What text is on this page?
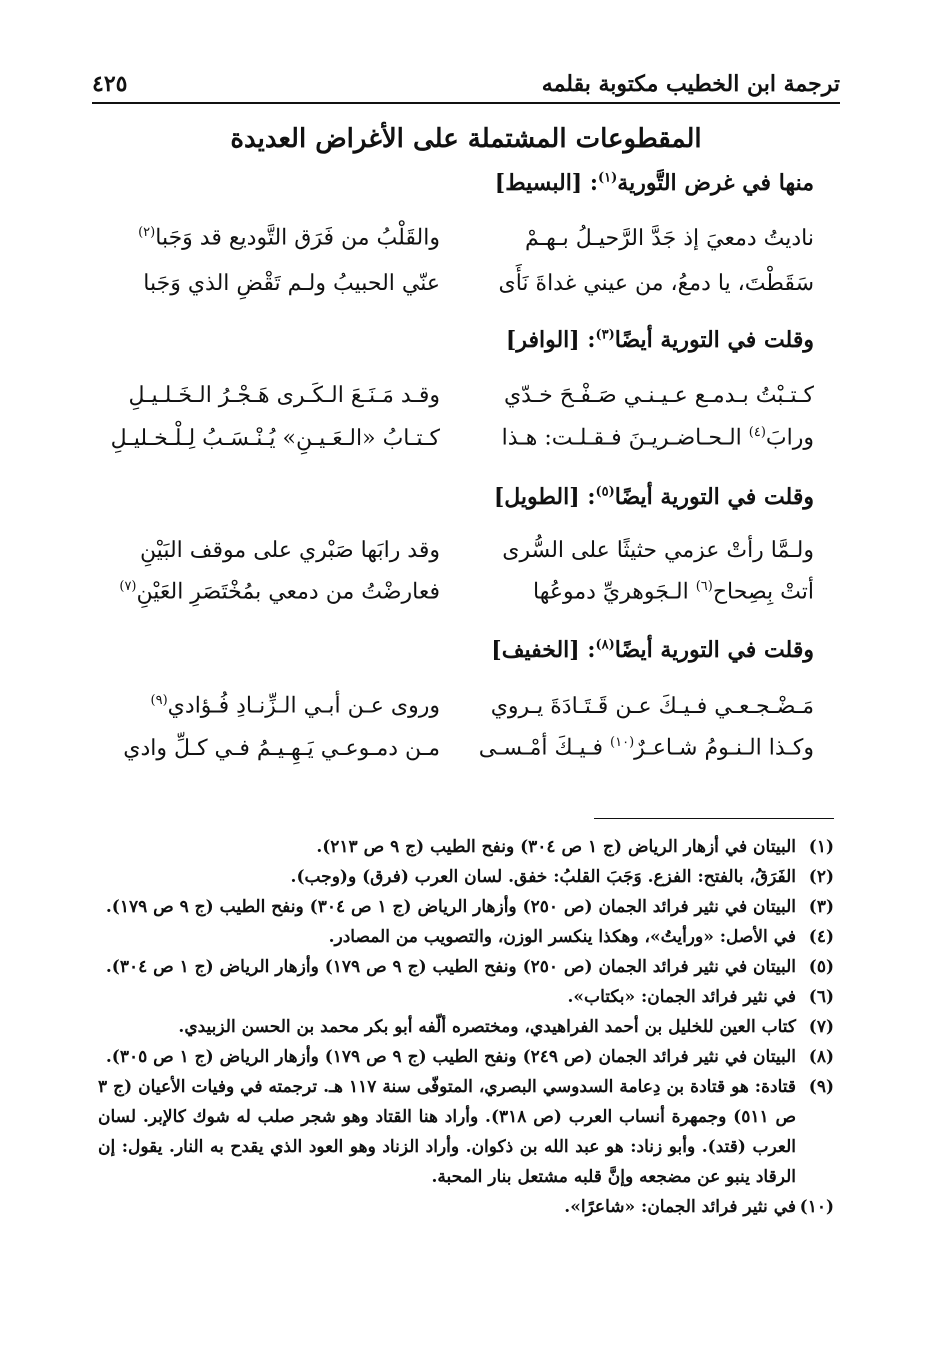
ترجمة ابن الخطيب مكتوبة بقلمه
٤٢٥
المقطوعات المشتملة على الأغراض العديدة
منها في غرض التَّورية$^{(١)}$: [البسيط]
ناديتُ دمعيَ إذ جَدَّ الرَّحيـلُ بـهـمْ
والقَلْبُ من فَرَق التَّوديع قد وَجَبا$^{(٢)}$
سَقَطْتَ، يا دمعُ، من عيني غداةَ نَأَى
عنّي الحبيبُ ولـم تَقْضِ الذي وَجَبا
وقلت في التورية أيضًا$^{(٣)}$: [الوافر]
كـتـبْتُ بـدمـع عـيـنـي صَـفْـحَ خـدّي
وقـد مَـنَـعَ الـكَـرى هَـجْـرُ الـخَـلـيـلِ
ورابَ$^{(٤)}$ الـحـاضـريـنَ فـقـلـت: هـذا
كـتـابُ «الـعَـيـنِ» يُـنْـسَـبُ لِـلْـخـليـلِ
وقلت في التورية أيضًا$^{(٥)}$: [الطويل]
ولـمَّا رأتْ عزمي حثيثًا على السُّرى
وقد رابَها صَبْري على موقف البَيْنِ
أتتْ بِصِحاح$^{(٦)}$ الـجَوهريِّ دموعُها
فعارضْتُ من دمعي بمُخْتَصَرِ العَيْنِ$^{(٧)}$
وقلت في التورية أيضًا$^{(٨)}$: [الخفيف]
مَـضْـجـعـي فـيـكَ عـن قَـتَـادَةَ يـروي
وروى عـن أبـي الـزِّنـادِ فُـؤادي$^{(٩)}$
وكـذا الـنـومُ شـاعـرٌ$^{(١٠)}$ فـيـكَ أمْـسـى
مـن دمـوعـي يَـهِـيـمُ فـي كـلِّ وادي
(١)
البيتان في أزهار الرياض (ج ١ ص ٣٠٤) ونفح الطيب (ج ٩ ص ٢١٣).
(٢)
الفَرَقُ، بالفتح: الفزع. وَجَبَ القلبُ: خفق. لسان العرب (فرق) و(وجب).
(٣)
البيتان في نثير فرائد الجمان (ص ٢٥٠) وأزهار الرياض (ج ١ ص ٣٠٤) ونفح الطيب (ج ٩ ص ١٧٩).
(٤)
في الأصل: «ورأيتُ»، وهكذا ينكسر الوزن، والتصويب من المصادر.
(٥)
البيتان في نثير فرائد الجمان (ص ٢٥٠) ونفح الطيب (ج ٩ ص ١٧٩) وأزهار الرياض (ج ١ ص ٣٠٤).
(٦)
في نثير فرائد الجمان: «بكتاب».
(٧)
كتاب العين للخليل بن أحمد الفراهيدي، ومختصره ألّفه أبو بكر محمد بن الحسن الزبيدي.
(٨)
البيتان في نثير فرائد الجمان (ص ٢٤٩) ونفح الطيب (ج ٩ ص ١٧٩) وأزهار الرياض (ج ١ ص ٣٠٥).
(٩)
قتادة: هو قتادة بن دِعامة السدوسي البصري، المتوفّى سنة ١١٧ هـ. ترجمته في وفيات الأعيان (ج ٣ ص ٥١١) وجمهرة أنساب العرب (ص ٣١٨). وأراد هنا القتاد وهو شجر صلب له شوك كالإبر. لسان العرب (قتد). وأبو زناد: هو عبد الله بن ذكوان. وأراد الزناد وهو العود الذي يقدح به النار. يقول: إن الرقاد ينبو عن مضجعه وإنَّ قلبه مشتعل بنار المحبة.
(١٠)
في نثير فرائد الجمان: «شاعرًا».
